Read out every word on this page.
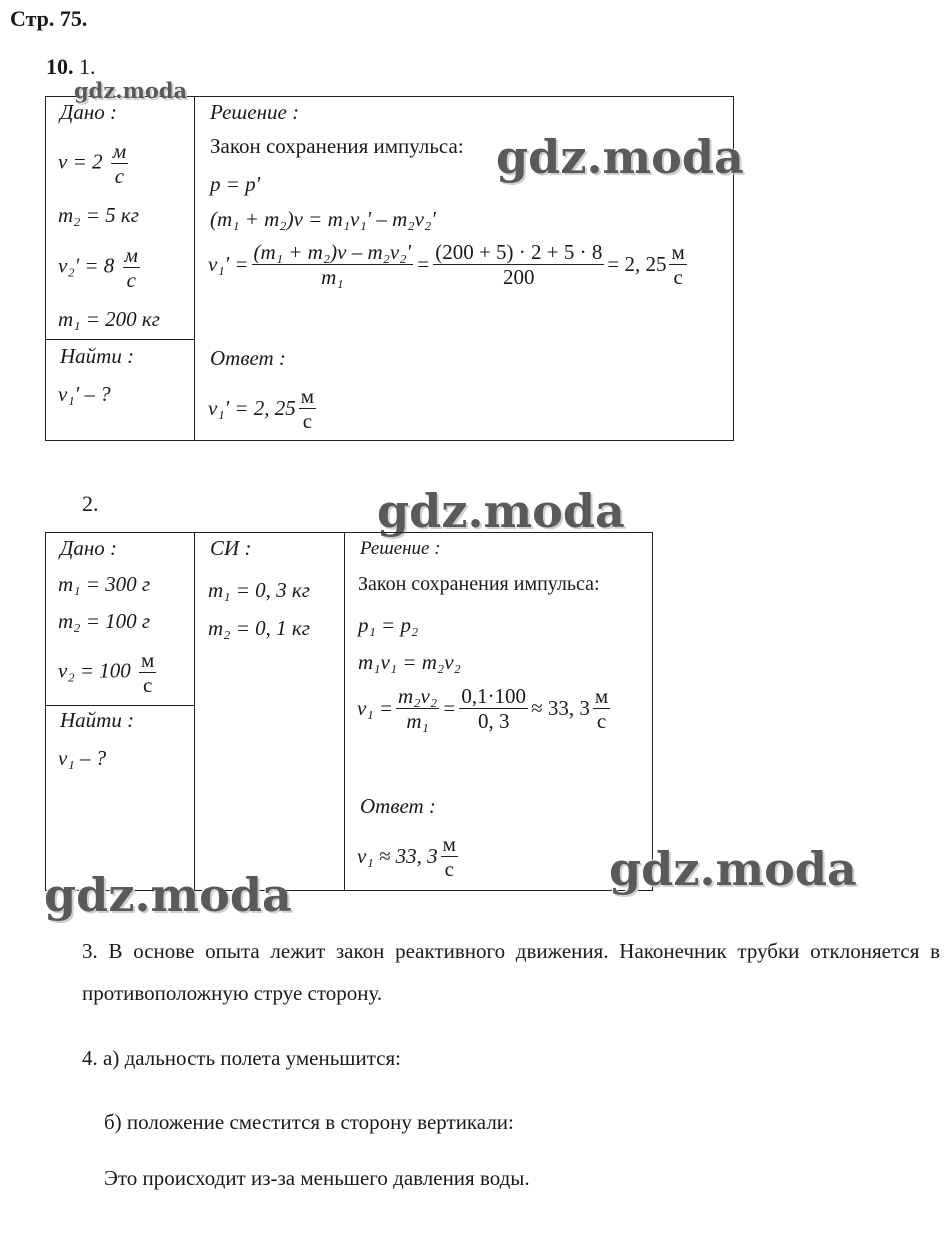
Стр. 75.
10. 1.
gdz.moda
Дано :
$v = 2 \frac{м}{с}$
m₂ = 5 кг
$v_2' = 8 \frac{м}{с}$
m₁ = 200 кг
Найти :
v₁' – ?
Решение :
Закон сохранения импульса:
p = p'
(m₁ + m₂)v = m₁v₁' – m₂v₂'
$v_1' = \frac{\text{(m₁ + m₂)v – m₂v₂'}}{\text{m₁}} = \frac{(200 + 5) \cdot 2 + 5 \cdot 8}{200} = 2$, $25 \frac{м}{с}$
Ответ :
v₁' = 2, $25 \frac{м}{с}$
gdz.moda
2.	gdz.moda
Дано :
m₁ = 300 г
m₂ = 100 г
$v_2 = 100 \frac{м}{с}$
Найти :
v₁ – ?
СИ :
m₁ = 0, 3 кг
m₂ = 0, 1 кг
Решение :
Закон сохранения импульса:
p₁ = p₂
m₁v₁ = m₂v₂
$v_1 = \frac{\text{m₂v₂}}{\text{m₁}} = \frac{0,1\cdot 100}{0, 3} \approx 33$, $3 \frac{м}{с}$
Ответ :
v₁ ≈ 33, $3 \frac{м}{с}$	gdz.moda
gdz.moda
3. В основе опыта лежит закон реактивного движения. Наконечник трубки отклоняется в противоположную струе сторону.
4. а) дальность полета уменьшится:
б) положение сместится в сторону вертикали:
Это происходит из-за меньшего давления воды.
